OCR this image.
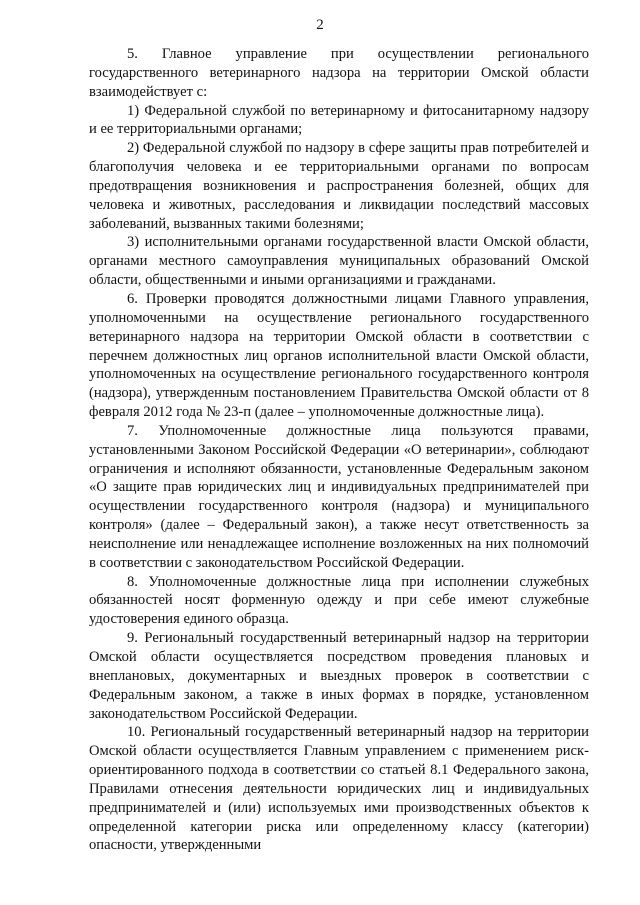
2

5. Главное управление при осуществлении регионального государственного ветеринарного надзора на территории Омской области взаимодействует с:

1) Федеральной службой по ветеринарному и фитосанитарному надзору и ее территориальными органами;

2) Федеральной службой по надзору в сфере защиты прав потребителей и благополучия человека и ее территориальными органами по вопросам предотвращения возникновения и распространения болезней, общих для человека и животных, расследования и ликвидации последствий массовых заболеваний, вызванных такими болезнями;

3) исполнительными органами государственной власти Омской области, органами местного самоуправления муниципальных образований Омской области, общественными и иными организациями и гражданами.

6. Проверки проводятся должностными лицами Главного управления, уполномоченными на осуществление регионального государственного ветеринарного надзора на территории Омской области в соответствии с перечнем должностных лиц органов исполнительной власти Омской области, уполномоченных на осуществление регионального государственного контроля (надзора), утвержденным постановлением Правительства Омской области от 8 февраля 2012 года № 23-п (далее – уполномоченные должностные лица).

7. Уполномоченные должностные лица пользуются правами, установленными Законом Российской Федерации «О ветеринарии», соблюдают ограничения и исполняют обязанности, установленные Федеральным законом «О защите прав юридических лиц и индивидуальных предпринимателей при осуществлении государственного контроля (надзора) и муниципального контроля» (далее – Федеральный закон), а также несут ответственность за неисполнение или ненадлежащее исполнение возложенных на них полномочий в соответствии с законодательством Российской Федерации.

8. Уполномоченные должностные лица при исполнении служебных обязанностей носят форменную одежду и при себе имеют служебные удостоверения единого образца.

9. Региональный государственный ветеринарный надзор на территории Омской области осуществляется посредством проведения плановых и внеплановых, документарных и выездных проверок в соответствии с Федеральным законом, а также в иных формах в порядке, установленном законодательством Российской Федерации.

10. Региональный государственный ветеринарный надзор на территории Омской области осуществляется Главным управлением с применением риск-ориентированного подхода в соответствии со статьей 8.1 Федерального закона, Правилами отнесения деятельности юридических лиц и индивидуальных предпринимателей и (или) используемых ими производственных объектов к определенной категории риска или определенному классу (категории) опасности, утвержденными
